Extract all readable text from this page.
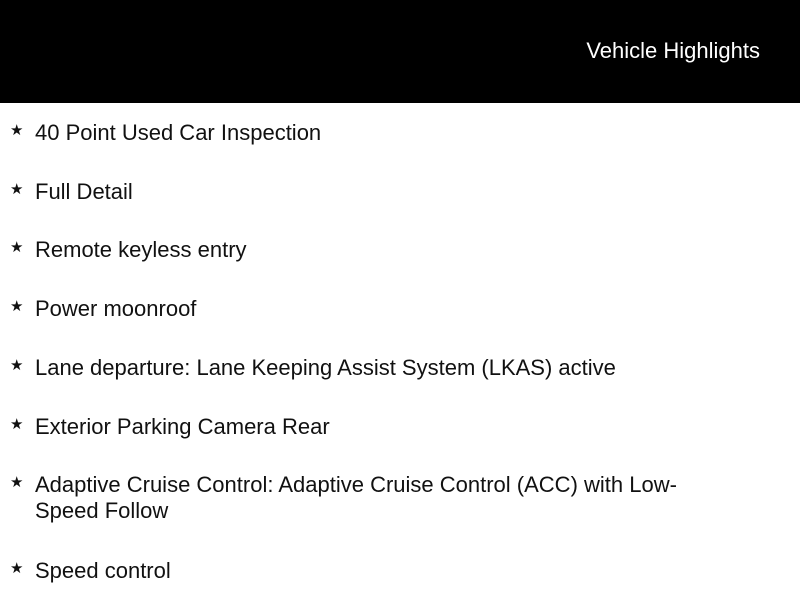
Vehicle Highlights
★ 40 Point Used Car Inspection
★ Full Detail
★ Remote keyless entry
★ Power moonroof
★ Lane departure: Lane Keeping Assist System (LKAS) active
★ Exterior Parking Camera Rear
★ Adaptive Cruise Control: Adaptive Cruise Control (ACC) with Low-Speed Follow
★ Speed control
